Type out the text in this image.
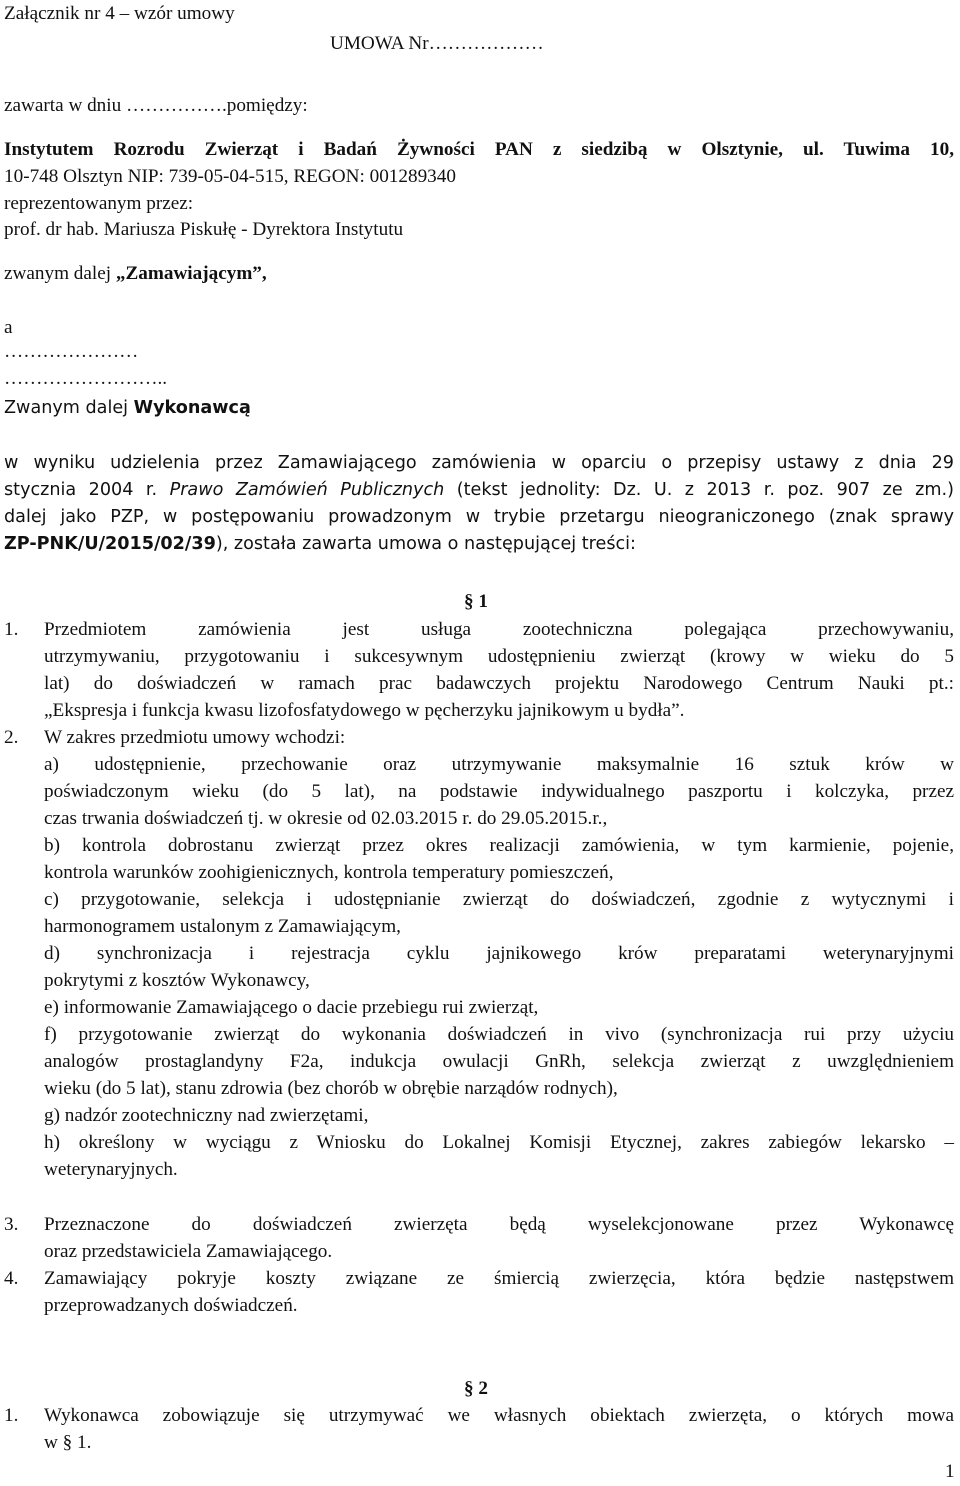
Załącznik nr 4 – wzór umowy
UMOWA Nr………………
zawarta w dniu …………….pomiędzy:
Instytutem Rozrodu Zwierząt i Badań Żywności PAN z siedzibą w Olsztynie, ul. Tuwima 10,
10-748 Olsztyn NIP: 739-05-04-515, REGON: 001289340
reprezentowanym przez:
prof. dr hab. Mariusza Piskułę - Dyrektora Instytutu
zwanym dalej „Zamawiającym”,
a
…………………
……………………..
Zwanym dalej Wykonawcą
w wyniku udzielenia przez Zamawiającego zamówienia w oparciu o przepisy ustawy z dnia 29
stycznia 2004 r. Prawo Zamówień Publicznych (tekst jednolity: Dz. U. z 2013 r. poz. 907 ze zm.)
dalej jako PZP, w postępowaniu prowadzonym w trybie przetargu nieograniczonego (znak sprawy
ZP-PNK/U/2015/02/39), została zawarta umowa o następującej treści:
§ 1
1. Przedmiotem zamówienia jest usługa zootechniczna polegająca przechowywaniu,
utrzymywaniu, przygotowaniu i sukcesywnym udostępnieniu zwierząt (krowy w wieku do 5
lat) do doświadczeń w ramach prac badawczych projektu Narodowego Centrum Nauki pt.:
„Ekspresja i funkcja kwasu lizofosfatydowego w pęcherzyku jajnikowym u bydła”.
2. W zakres przedmiotu umowy wchodzi:
a) udostępnienie, przechowanie oraz utrzymywanie maksymalnie 16 sztuk krów w
poświadczonym wieku (do 5 lat), na podstawie indywidualnego paszportu i kolczyka, przez
czas trwania doświadczeń tj. w okresie od 02.03.2015 r. do 29.05.2015.r.,
b) kontrola dobrostanu zwierząt przez okres realizacji zamówienia, w tym karmienie, pojenie,
kontrola warunków zoohigienicznych, kontrola temperatury pomieszczeń,
c) przygotowanie, selekcja i udostępnianie zwierząt do doświadczeń, zgodnie z wytycznymi i
harmonogramem ustalonym z Zamawiającym,
d) synchronizacja i rejestracja cyklu jajnikowego krów preparatami weterynaryjnymi
pokrytymi z kosztów Wykonawcy,
e) informowanie Zamawiającego o dacie przebiegu rui zwierząt,
f) przygotowanie zwierząt do wykonania doświadczeń in vivo (synchronizacja rui przy użyciu
analogów prostaglandyny F2a, indukcja owulacji GnRh, selekcja zwierząt z uwzględnieniem
wieku (do 5 lat), stanu zdrowia (bez chorób w obrębie narządów rodnych),
g) nadzór zootechniczny nad zwierzętami,
h) określony w wyciągu z Wniosku do Lokalnej Komisji Etycznej, zakres zabiegów lekarsko –
weterynaryjnych.
3. Przeznaczone do doświadczeń zwierzęta będą wyselekcjonowane przez Wykonawcę
oraz przedstawiciela Zamawiającego.
4. Zamawiający pokryje koszty związane ze śmiercią zwierzęcia, która będzie następstwem
przeprowadzanych doświadczeń.
§ 2
1. Wykonawca zobowiązuje się utrzymywać we własnych obiektach zwierzęta, o których mowa
w § 1.
1
